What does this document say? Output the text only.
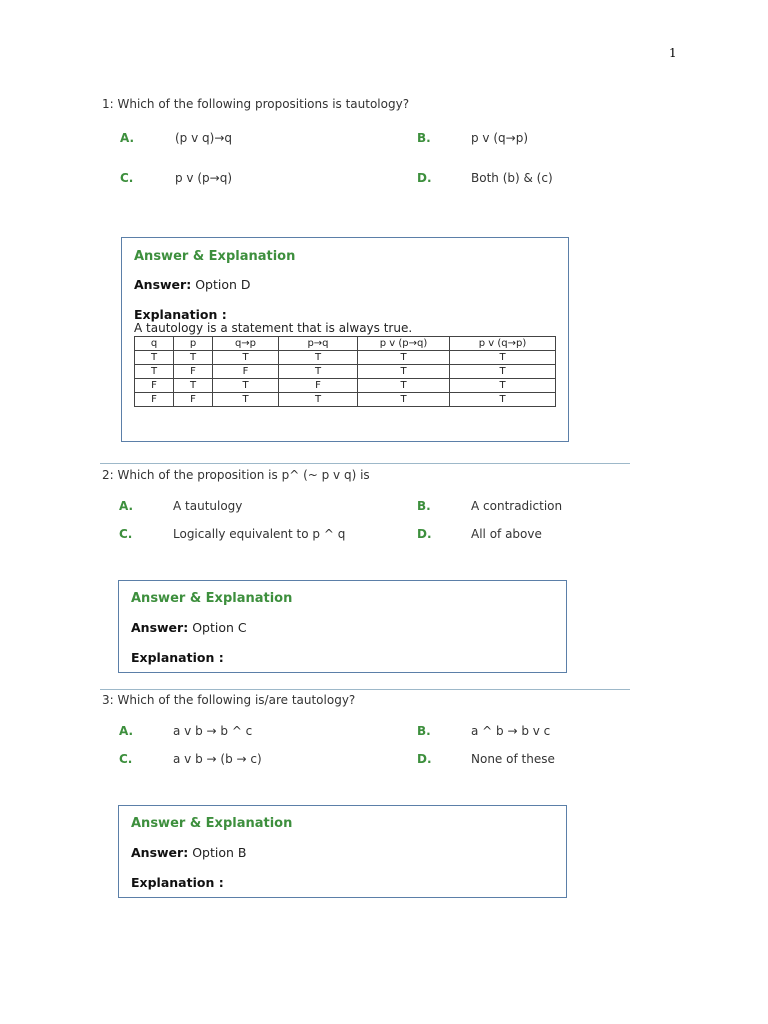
1
1: Which of the following propositions is tautology?
A.	(p v q)→q	B.	p v (q→p)
C.	p v (p→q)	D.	Both (b) & (c)
Answer & Explanation
Answer: Option D
Explanation :
A tautology is a statement that is always true.
q	p	q→p	p→q	p v (p→q)	p v (q→p)
T	T	T	T	T	T
T	F	F	T	T	T
F	T	T	F	T	T
F	F	T	T	T	T
2: Which of the proposition is p^ (~ p v q) is
A.	A tautulogy	B.	A contradiction
C.	Logically equivalent to p ^ q	D.	All of above
Answer & Explanation
Answer: Option C
Explanation :
3: Which of the following is/are tautology?
A.	a v b → b ^ c	B.	a ^ b → b v c
C.	a v b → (b → c)	D.	None of these
Answer & Explanation
Answer: Option B
Explanation :
